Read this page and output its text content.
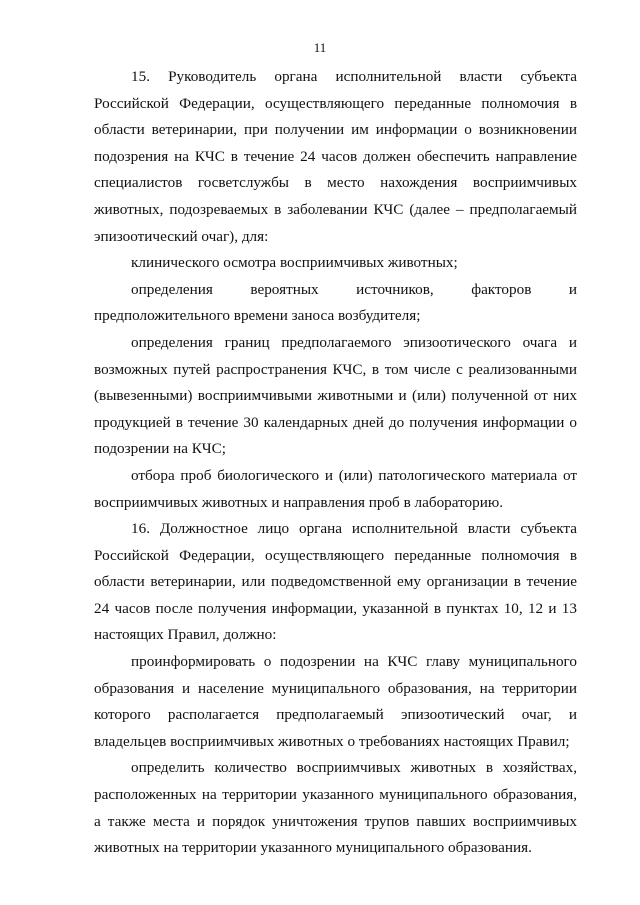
11

15. Руководитель органа исполнительной власти субъекта Российской Федерации, осуществляющего переданные полномочия в области ветеринарии, при получении им информации о возникновении подозрения на КЧС в течение 24 часов должен обеспечить направление специалистов госветслужбы в место нахождения восприимчивых животных, подозреваемых в заболевании КЧС (далее – предполагаемый эпизоотический очаг), для:

клинического осмотра восприимчивых животных;

определения вероятных источников, факторов и предположительного времени заноса возбудителя;

определения границ предполагаемого эпизоотического очага и возможных путей распространения КЧС, в том числе с реализованными (вывезенными) восприимчивыми животными и (или) полученной от них продукцией в течение 30 календарных дней до получения информации о подозрении на КЧС;

отбора проб биологического и (или) патологического материала от восприимчивых животных и направления проб в лабораторию.

16. Должностное лицо органа исполнительной власти субъекта Российской Федерации, осуществляющего переданные полномочия в области ветеринарии, или подведомственной ему организации в течение 24 часов после получения информации, указанной в пунктах 10, 12 и 13 настоящих Правил, должно:

проинформировать о подозрении на КЧС главу муниципального образования и население муниципального образования, на территории которого располагается предполагаемый эпизоотический очаг, и владельцев восприимчивых животных о требованиях настоящих Правил;

определить количество восприимчивых животных в хозяйствах, расположенных на территории указанного муниципального образования, а также места и порядок уничтожения трупов павших восприимчивых животных на территории указанного муниципального образования.
